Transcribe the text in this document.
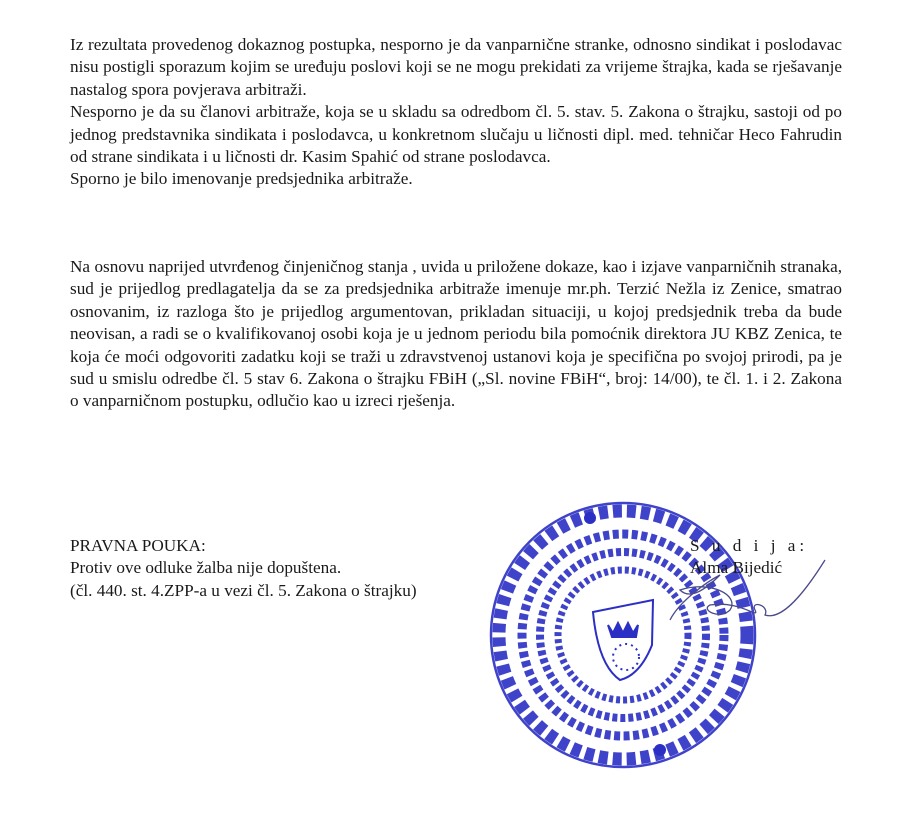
Iz rezultata provedenog dokaznog postupka, nesporno je da vanparnične stranke, odnosno sindikat i poslodavac nisu postigli sporazum kojim se uređuju poslovi koji se ne mogu prekidati za vrijeme štrajka, kada se rješavanje nastalog spora povjerava arbitraži.

Nesporno je da su članovi arbitraže, koja se u skladu sa odredbom čl. 5. stav. 5. Zakona o štrajku, sastoji od po jednog predstavnika sindikata i poslodavca, u konkretnom slučaju u ličnosti dipl. med. tehničar Heco Fahrudin od strane sindikata i u ličnosti dr. Kasim Spahić od strane poslodavca.

Sporno je bilo imenovanje predsjednika arbitraže.

Na osnovu naprijed utvrđenog činjeničnog stanja , uvida u priložene dokaze, kao i izjave vanparničnih stranaka, sud je prijedlog predlagatelja da se za predsjednika arbitraže imenuje mr.ph. Terzić Nežla iz Zenice, smatrao osnovanim, iz razloga što je prijedlog argumentovan, prikladan situaciji, u kojoj predsjednik treba da bude neovisan, a radi se o kvalifikovanoj osobi koja je u jednom periodu bila pomoćnik direktora JU KBZ Zenica, te koja će moći odgovoriti zadatku koji se traži u zdravstvenoj ustanovi koja je specifična po svojoj prirodi, pa je sud u smislu odredbe čl. 5 stav 6. Zakona o štrajku FBiH („Sl. novine FBiH“, broj: 14/00), te čl. 1. i 2. Zakona o vanparničnom postupku, odlučio kao u izreci rješenja.

PRAVNA POUKA:
Protiv ove odluke žalba nije dopuštena.
(čl. 440. st. 4.ZPP-a u vezi čl. 5. Zakona o štrajku)
S u d i j a:
Alma Bijedić
